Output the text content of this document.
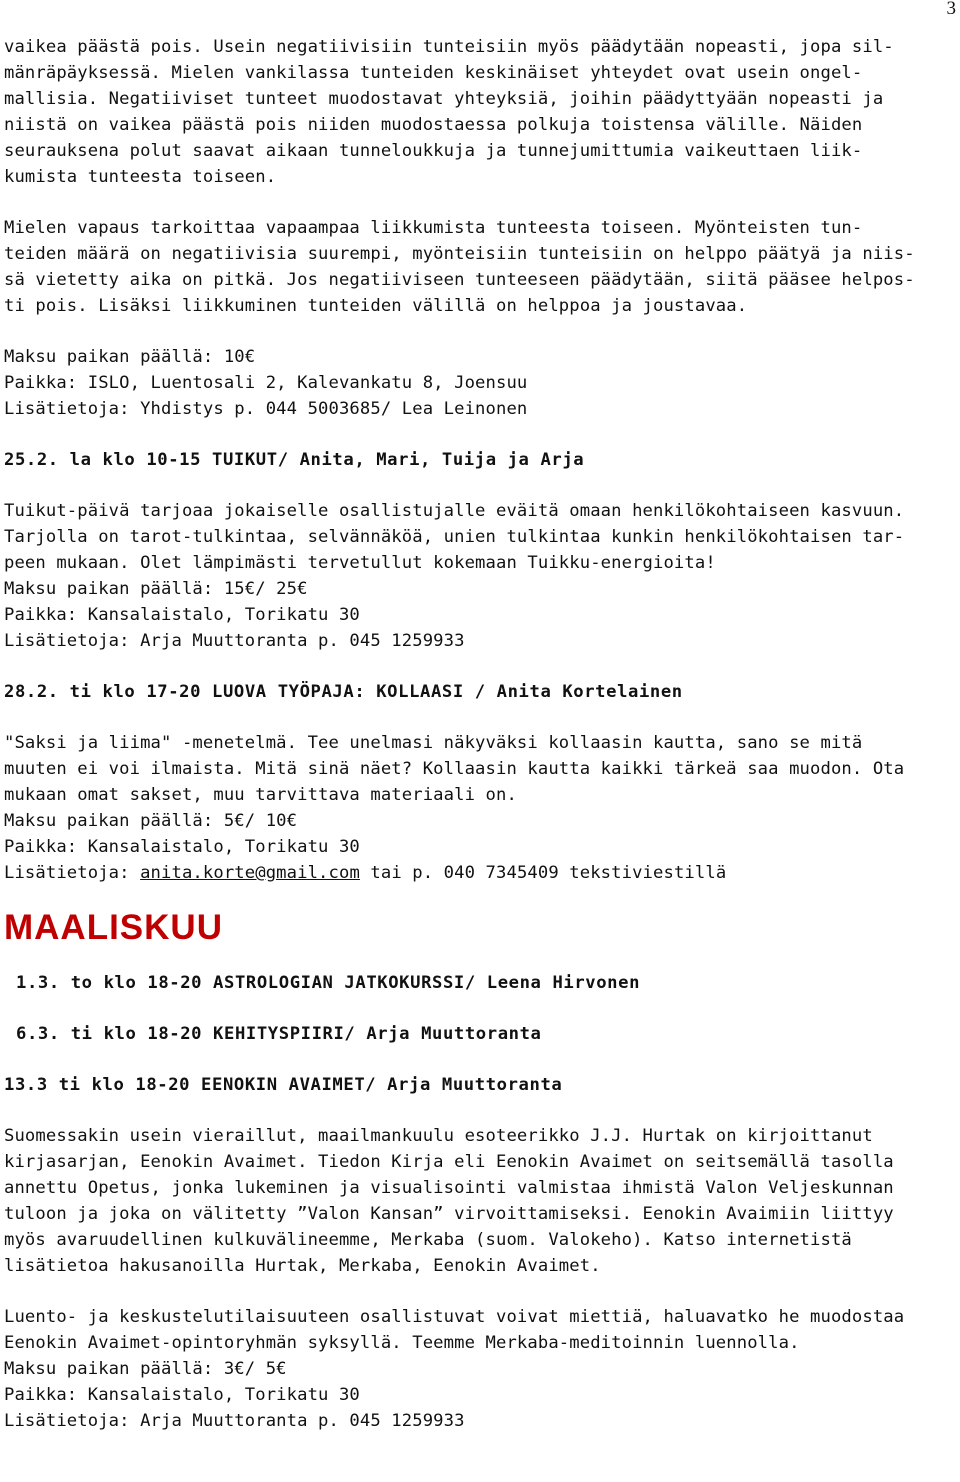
3

vaikea päästä pois. Usein negatiivisiin tunteisiin myös päädytään nopeasti, jopa sil-

mänräpäyksessä. Mielen vankilassa tunteiden keskinäiset yhteydet ovat usein ongel-

mallisia. Negatiiviset tunteet muodostavat yhteyksiä, joihin päädyttyään nopeasti ja

niistä on vaikea päästä pois niiden muodostaessa polkuja toistensa välille. Näiden

seurauksena polut saavat aikaan tunneloukkuja ja tunnejumittumia vaikeuttaen liik-

kumista tunteesta toiseen.

Mielen vapaus tarkoittaa vapaampaa liikkumista tunteesta toiseen. Myönteisten tun-

teiden määrä on negatiivisia suurempi, myönteisiin tunteisiin on helppo päätyä ja niis-

sä vietetty aika on pitkä. Jos negatiiviseen tunteeseen päädytään, siitä pääsee helpos-

ti pois. Lisäksi liikkuminen tunteiden välillä on helppoa ja joustavaa.

Maksu paikan päällä: 10€

Paikka: ISLO, Luentosali 2, Kalevankatu 8, Joensuu

Lisätietoja: Yhdistys p. 044 5003685/ Lea Leinonen

25.2. la klo 10-15 TUIKUT/ Anita, Mari, Tuija ja Arja

Tuikut-päivä tarjoaa jokaiselle osallistujalle eväitä omaan henkilökohtaiseen kasvuun.

Tarjolla on tarot-tulkintaa, selvännäköä, unien tulkintaa kunkin henkilökohtaisen tar-

peen mukaan. Olet lämpimästi tervetullut kokemaan Tuikku-energioita!

Maksu paikan päällä: 15€/ 25€

Paikka: Kansalaistalo, Torikatu 30

Lisätietoja: Arja Muuttoranta p. 045 1259933

28.2. ti klo 17-20 LUOVA TYÖPAJA: KOLLAASI / Anita Kortelainen

"Saksi ja liima" -menetelmä. Tee unelmasi näkyväksi kollaasin kautta, sano se mitä

muuten ei voi ilmaista. Mitä sinä näet? Kollaasin kautta kaikki tärkeä saa muodon. Ota

mukaan omat sakset, muu tarvittava materiaali on.

Maksu paikan päällä: 5€/ 10€

Paikka: Kansalaistalo, Torikatu 30

Lisätietoja: anita.korte@gmail.com tai p. 040 7345409 tekstiviestillä

MAALISKUU

1.3. to klo 18-20 ASTROLOGIAN JATKOKURSSI/ Leena Hirvonen

6.3. ti klo 18-20 KEHITYSPIIRI/ Arja Muuttoranta

13.3 ti klo 18-20 EENOKIN AVAIMET/ Arja Muuttoranta

Suomessakin usein vieraillut, maailmankuulu esoteerikko J.J. Hurtak on kirjoittanut

kirjasarjan, Eenokin Avaimet. Tiedon Kirja eli Eenokin Avaimet on seitsemällä tasolla

annettu Opetus, jonka lukeminen ja visualisointi valmistaa ihmistä Valon Veljeskunnan

tuloon ja joka on välitetty ”Valon Kansan” virvoittamiseksi. Eenokin Avaimiin liittyy

myös avaruudellinen kulkuvälineemme, Merkaba (suom. Valokeho). Katso internetistä

lisätietoa hakusanoilla Hurtak, Merkaba, Eenokin Avaimet.

Luento- ja keskustelutilaisuuteen osallistuvat voivat miettiä, haluavatko he muodostaa

Eenokin Avaimet-opintoryhmän syksyllä. Teemme Merkaba-meditoinnin luennolla.

Maksu paikan päällä: 3€/ 5€

Paikka: Kansalaistalo, Torikatu 30

Lisätietoja: Arja Muuttoranta p. 045 1259933
